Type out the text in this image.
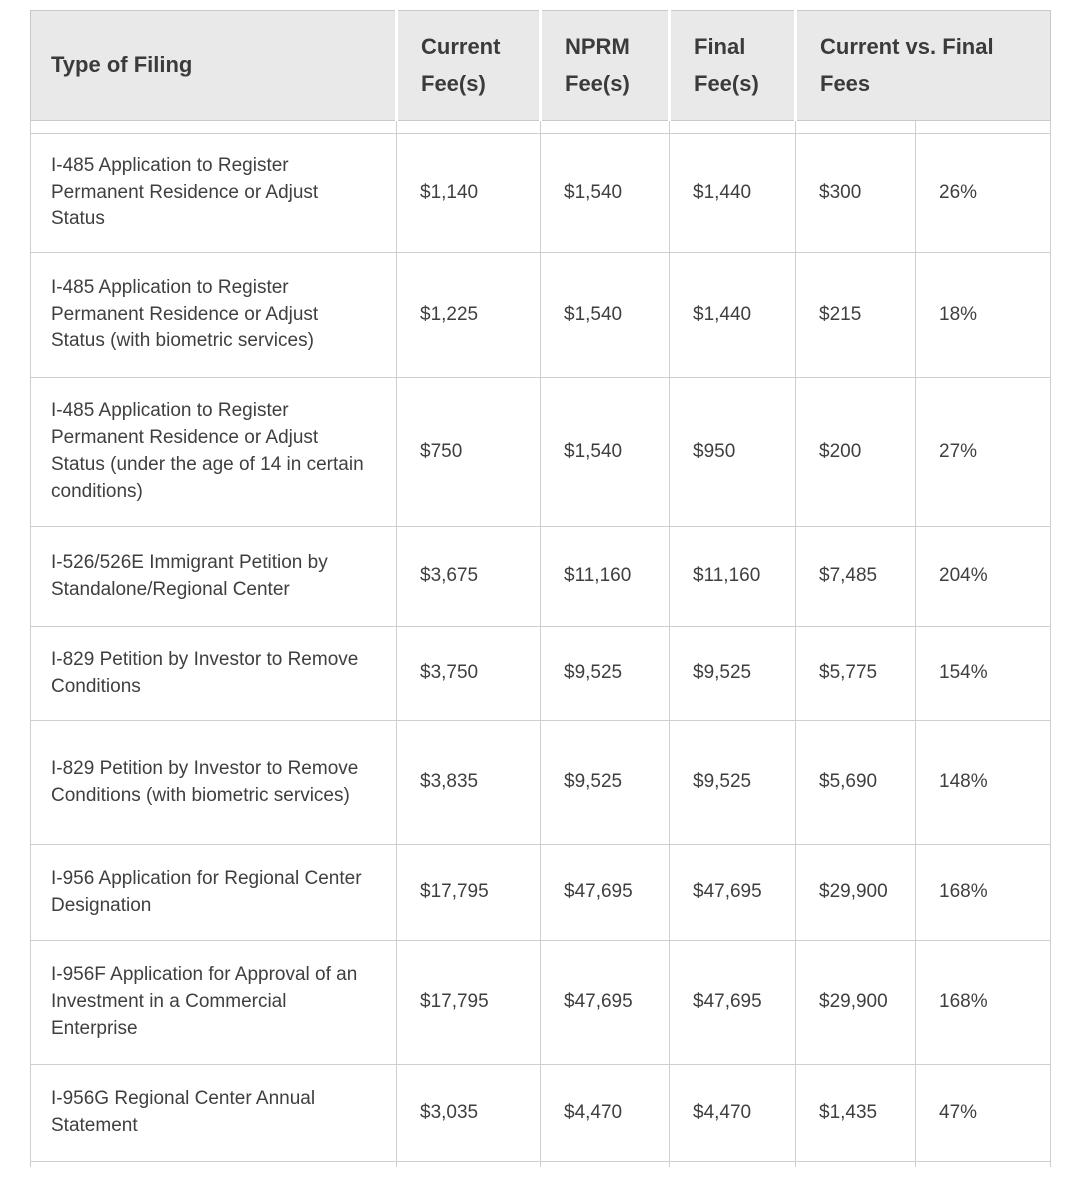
Type of Filing	Current Fee(s)	NPRM Fee(s)	Final Fee(s)	Current vs. Final Fees	

I-485 Application to Register Permanent Residence or Adjust Status	$1,140	$1,540	$1,440	$300	26%
I-485 Application to Register Permanent Residence or Adjust Status (with biometric services)	$1,225	$1,540	$1,440	$215	18%
I-485 Application to Register Permanent Residence or Adjust Status (under the age of 14 in certain conditions)	$750	$1,540	$950	$200	27%
I-526/526E Immigrant Petition by Standalone/Regional Center	$3,675	$11,160	$11,160	$7,485	204%
I-829 Petition by Investor to Remove Conditions	$3,750	$9,525	$9,525	$5,775	154%
I-829 Petition by Investor to Remove Conditions (with biometric services)	$3,835	$9,525	$9,525	$5,690	148%
I-956 Application for Regional Center Designation	$17,795	$47,695	$47,695	$29,900	168%
I-956F Application for Approval of an Investment in a Commercial Enterprise	$17,795	$47,695	$47,695	$29,900	168%
I-956G Regional Center Annual Statement	$3,035	$4,470	$4,470	$1,435	47%
